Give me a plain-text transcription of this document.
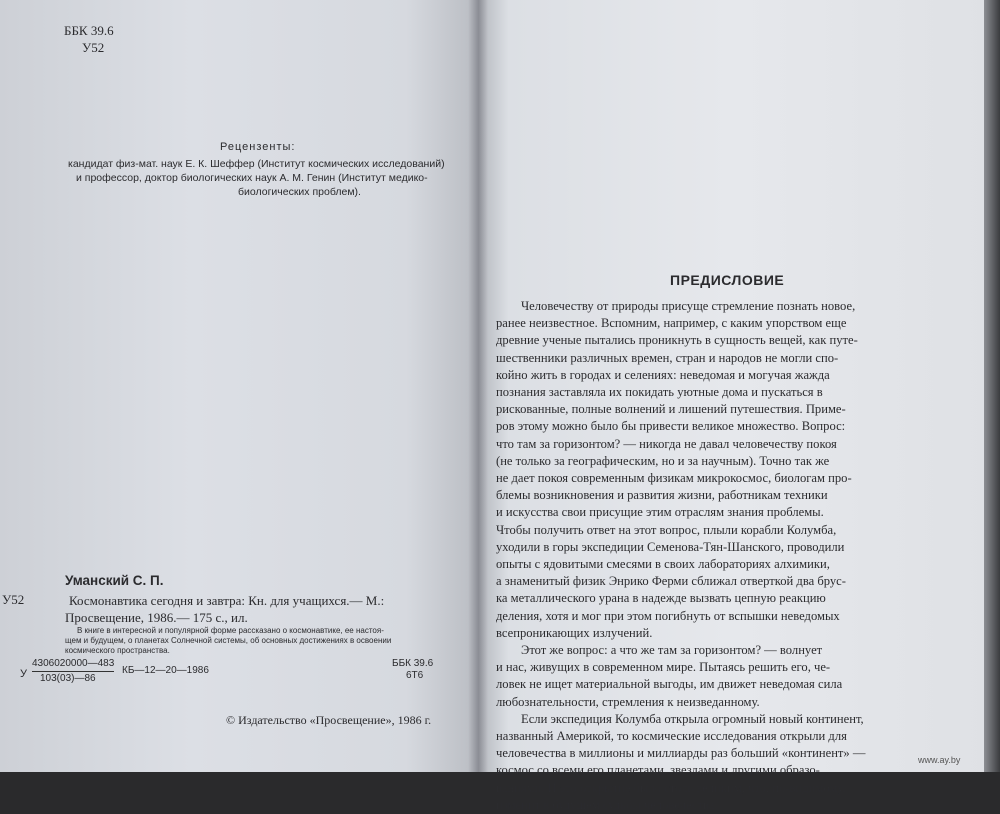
ББК 39.6
У52
Рецензенты:
кандидат физ-мат. наук Е. К. Шеффер (Институт космических исследований)
и профессор, доктор биологических наук А. М. Генин (Институт медико-
биологических проблем).
Уманский С. П.
У52	Космонавтика сегодня и завтра: Кн. для учащихся.— М.:
Просвещение, 1986.— 175 с., ил.
В книге в интересной и популярной форме рассказано о космонавтике, ее настоя-
щем и будущем, о планетах Солнечной системы, об основных достижениях в освоении
космического пространства.
У $\frac{4306020000—483}{103(03)—86}$ КБ—12—20—1986
ББК 39.6
6Т6
© Издательство «Просвещение», 1986 г.
ПРЕДИСЛОВИЕ
Человечеству от природы присуще стремление познать новое,
ранее неизвестное. Вспомним, например, с каким упорством еще
древние ученые пытались проникнуть в сущность вещей, как путе-
шественники различных времен, стран и народов не могли спо-
койно жить в городах и селениях: неведомая и могучая жажда
познания заставляла их покидать уютные дома и пускаться в
рискованные, полные волнений и лишений путешествия. Приме-
ров этому можно было бы привести великое множество. Вопрос:
что там за горизонтом? — никогда не давал человечеству покоя
(не только за географическим, но и за научным). Точно так же
не дает покоя современным физикам микрокосмос, биологам про-
блемы возникновения и развития жизни, работникам техники
и искусства свои присущие этим отраслям знания проблемы.
Чтобы получить ответ на этот вопрос, плыли корабли Колумба,
уходили в горы экспедиции Семенова-Тян-Шанского, проводили
опыты с ядовитыми смесями в своих лабораториях алхимики,
а знаменитый физик Энрико Ферми сближал отверткой два брус-
ка металлического урана в надежде вызвать цепную реакцию
деления, хотя и мог при этом погибнуть от вспышки неведомых
всепроникающих излучений.
Этот же вопрос: а что же там за горизонтом? — волнует
и нас, живущих в современном мире. Пытаясь решить его, че-
ловек не ищет материальной выгоды, им движет неведомая сила
любознательности, стремления к неизведанному.
Если экспедиция Колумба открыла огромный новый континент,
названный Америкой, то космические исследования открыли для
человечества в миллионы и миллиарды раз больший «континент» —
космос со всеми его планетами, звездами и другими образо-
ваниями. И это открытие было столь великим, что, по-видимому,
изменит в будущем судьбы человечества.
www.ay.by
